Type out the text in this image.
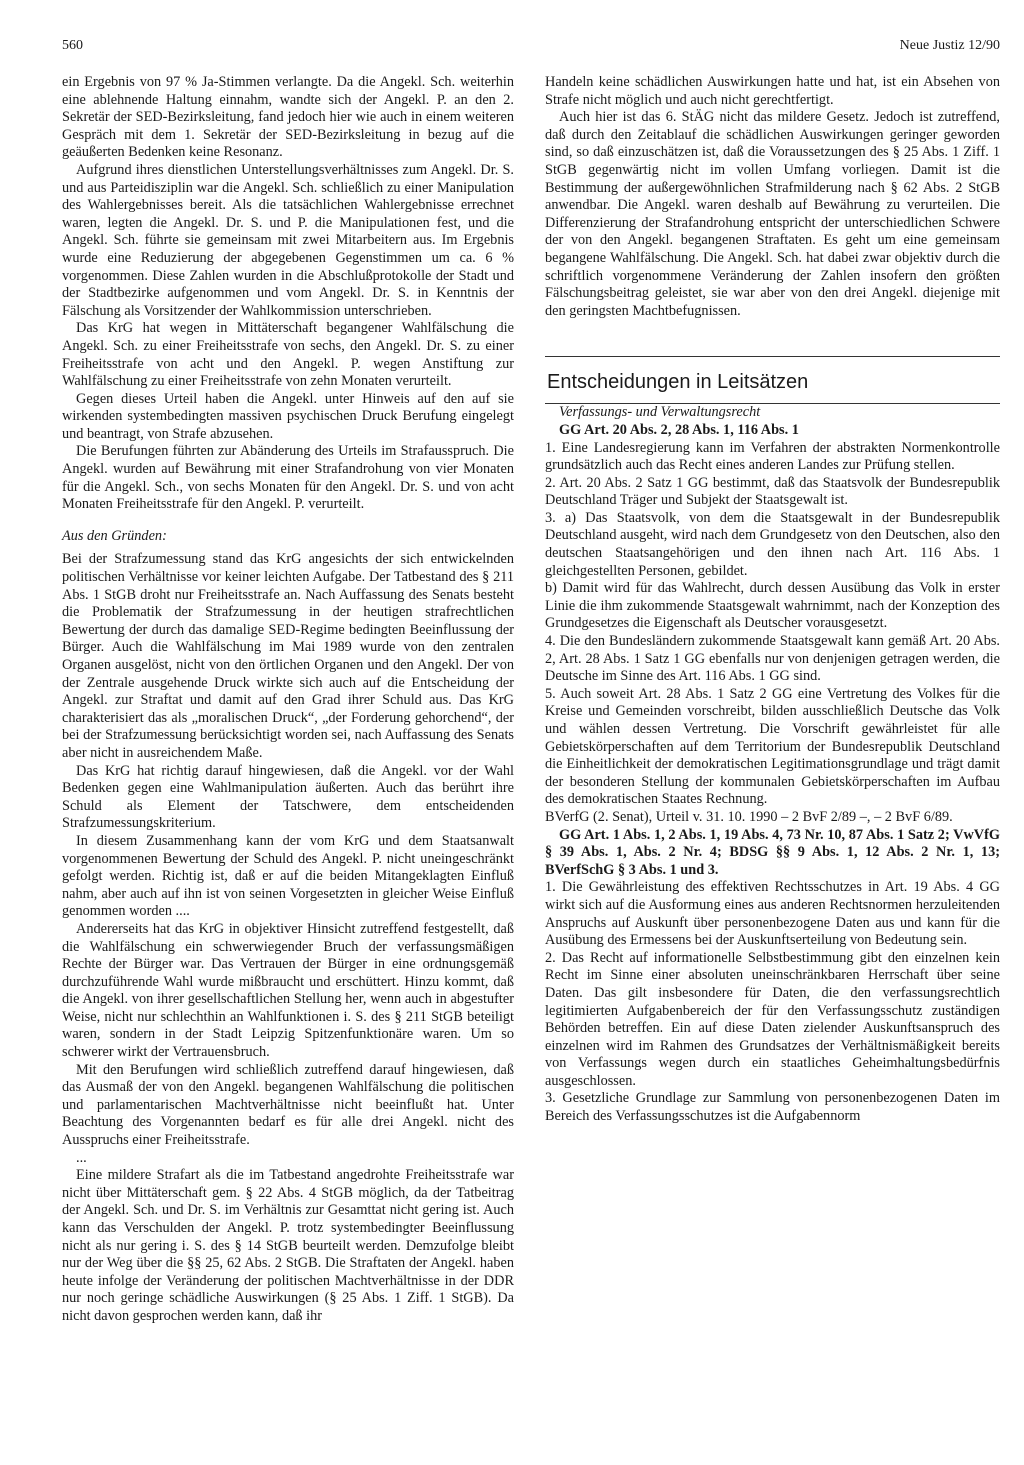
560	Neue Justiz 12/90

ein Ergebnis von 97 % Ja-Stimmen verlangte. Da die Angekl. Sch. weiterhin eine ablehnende Haltung einnahm, wandte sich der Angekl. P. an den 2. Sekretär der SED-Bezirksleitung, fand jedoch hier wie auch in einem weiteren Gespräch mit dem 1. Sekretär der SED-Bezirksleitung in bezug auf die geäußerten Bedenken keine Resonanz.

Aufgrund ihres dienstlichen Unterstellungsverhältnisses zum Angekl. Dr. S. und aus Parteidisziplin war die Angekl. Sch. schließlich zu einer Manipulation des Wahlergebnisses bereit. Als die tatsächlichen Wahlergebnisse errechnet waren, legten die Angekl. Dr. S. und P. die Manipulationen fest, und die Angekl. Sch. führte sie gemeinsam mit zwei Mitarbeitern aus. Im Ergebnis wurde eine Reduzierung der abgegebenen Gegenstimmen um ca. 6 % vorgenommen. Diese Zahlen wurden in die Abschlußprotokolle der Stadt und der Stadtbezirke aufgenommen und vom Angekl. Dr. S. in Kenntnis der Fälschung als Vorsitzender der Wahlkommission unterschrieben.

Das KrG hat wegen in Mittäterschaft begangener Wahlfälschung die Angekl. Sch. zu einer Freiheitsstrafe von sechs, den Angekl. Dr. S. zu einer Freiheitsstrafe von acht und den Angekl. P. wegen Anstiftung zur Wahlfälschung zu einer Freiheitsstrafe von zehn Monaten verurteilt.

Gegen dieses Urteil haben die Angekl. unter Hinweis auf den auf sie wirkenden systembedingten massiven psychischen Druck Berufung eingelegt und beantragt, von Strafe abzusehen.

Die Berufungen führten zur Abänderung des Urteils im Strafausspruch. Die Angekl. wurden auf Bewährung mit einer Strafandrohung von vier Monaten für die Angekl. Sch., von sechs Monaten für den Angekl. Dr. S. und von acht Monaten Freiheitsstrafe für den Angekl. P. verurteilt.

Aus den Gründen:

Bei der Strafzumessung stand das KrG angesichts der sich entwickelnden politischen Verhältnisse vor keiner leichten Aufgabe. Der Tatbestand des § 211 Abs. 1 StGB droht nur Freiheitsstrafe an. Nach Auffassung des Senats besteht die Problematik der Strafzumessung in der heutigen strafrechtlichen Bewertung der durch das damalige SED-Regime bedingten Beeinflussung der Bürger. Auch die Wahlfälschung im Mai 1989 wurde von den zentralen Organen ausgelöst, nicht von den örtlichen Organen und den Angekl. Der von der Zentrale ausgehende Druck wirkte sich auch auf die Entscheidung der Angekl. zur Straftat und damit auf den Grad ihrer Schuld aus. Das KrG charakterisiert das als „moralischen Druck“, „der Forderung gehorchend“, der bei der Strafzumessung berücksichtigt worden sei, nach Auffassung des Senats aber nicht in ausreichendem Maße.

Das KrG hat richtig darauf hingewiesen, daß die Angekl. vor der Wahl Bedenken gegen eine Wahlmanipulation äußerten. Auch das berührt ihre Schuld als Element der Tatschwere, dem entscheidenden Strafzumessungskriterium.

In diesem Zusammenhang kann der vom KrG und dem Staatsanwalt vorgenommenen Bewertung der Schuld des Angekl. P. nicht uneingeschränkt gefolgt werden. Richtig ist, daß er auf die beiden Mitangeklagten Einfluß nahm, aber auch auf ihn ist von seinen Vorgesetzten in gleicher Weise Einfluß genommen worden ....

Andererseits hat das KrG in objektiver Hinsicht zutreffend festgestellt, daß die Wahlfälschung ein schwerwiegender Bruch der verfassungsmäßigen Rechte der Bürger war. Das Vertrauen der Bürger in eine ordnungsgemäß durchzuführende Wahl wurde mißbraucht und erschüttert. Hinzu kommt, daß die Angekl. von ihrer gesellschaftlichen Stellung her, wenn auch in abgestufter Weise, nicht nur schlechthin an Wahlfunktionen i. S. des § 211 StGB beteiligt waren, sondern in der Stadt Leipzig Spitzenfunktionäre waren. Um so schwerer wirkt der Vertrauensbruch.

Mit den Berufungen wird schließlich zutreffend darauf hingewiesen, daß das Ausmaß der von den Angekl. begangenen Wahlfälschung die politischen und parlamentarischen Machtverhältnisse nicht beeinflußt hat. Unter Beachtung des Vorgenannten bedarf es für alle drei Angekl. nicht des Ausspruchs einer Freiheitsstrafe.

...

Eine mildere Strafart als die im Tatbestand angedrohte Freiheitsstrafe war nicht über Mittäterschaft gem. § 22 Abs. 4 StGB möglich, da der Tatbeitrag der Angekl. Sch. und Dr. S. im Verhältnis zur Gesamttat nicht gering ist. Auch kann das Verschulden der Angekl. P. trotz systembedingter Beeinflussung nicht als nur gering i. S. des § 14 StGB beurteilt werden. Demzufolge bleibt nur der Weg über die §§ 25, 62 Abs. 2 StGB. Die Straftaten der Angekl. haben heute infolge der Veränderung der politischen Machtverhältnisse in der DDR nur noch geringe schädliche Auswirkungen (§ 25 Abs. 1 Ziff. 1 StGB). Da nicht davon gesprochen werden kann, daß ihr

Handeln keine schädlichen Auswirkungen hatte und hat, ist ein Absehen von Strafe nicht möglich und auch nicht gerechtfertigt.

Auch hier ist das 6. StÄG nicht das mildere Gesetz. Jedoch ist zutreffend, daß durch den Zeitablauf die schädlichen Auswirkungen geringer geworden sind, so daß einzuschätzen ist, daß die Voraussetzungen des § 25 Abs. 1 Ziff. 1 StGB gegenwärtig nicht im vollen Umfang vorliegen. Damit ist die Bestimmung der außergewöhnlichen Strafmilderung nach § 62 Abs. 2 StGB anwendbar. Die Angekl. waren deshalb auf Bewährung zu verurteilen. Die Differenzierung der Strafandrohung entspricht der unterschiedlichen Schwere der von den Angekl. begangenen Straftaten. Es geht um eine gemeinsam begangene Wahlfälschung. Die Angekl. Sch. hat dabei zwar objektiv durch die schriftlich vorgenommene Veränderung der Zahlen insofern den größten Fälschungsbeitrag geleistet, sie war aber von den drei Angekl. diejenige mit den geringsten Machtbefugnissen.

Entscheidungen in Leitsätzen

Verfassungs- und Verwaltungsrecht

GG Art. 20 Abs. 2, 28 Abs. 1, 116 Abs. 1

1. Eine Landesregierung kann im Verfahren der abstrakten Normenkontrolle grundsätzlich auch das Recht eines anderen Landes zur Prüfung stellen.

2. Art. 20 Abs. 2 Satz 1 GG bestimmt, daß das Staatsvolk der Bundesrepublik Deutschland Träger und Subjekt der Staatsgewalt ist.

3. a) Das Staatsvolk, von dem die Staatsgewalt in der Bundesrepublik Deutschland ausgeht, wird nach dem Grundgesetz von den Deutschen, also den deutschen Staatsangehörigen und den ihnen nach Art. 116 Abs. 1 gleichgestellten Personen, gebildet.

b) Damit wird für das Wahlrecht, durch dessen Ausübung das Volk in erster Linie die ihm zukommende Staatsgewalt wahrnimmt, nach der Konzeption des Grundgesetzes die Eigenschaft als Deutscher vorausgesetzt.

4. Die den Bundesländern zukommende Staatsgewalt kann gemäß Art. 20 Abs. 2, Art. 28 Abs. 1 Satz 1 GG ebenfalls nur von denjenigen getragen werden, die Deutsche im Sinne des Art. 116 Abs. 1 GG sind.

5. Auch soweit Art. 28 Abs. 1 Satz 2 GG eine Vertretung des Volkes für die Kreise und Gemeinden vorschreibt, bilden ausschließlich Deutsche das Volk und wählen dessen Vertretung. Die Vorschrift gewährleistet für alle Gebietskörperschaften auf dem Territorium der Bundesrepublik Deutschland die Einheitlichkeit der demokratischen Legitimationsgrundlage und trägt damit der besonderen Stellung der kommunalen Gebietskörperschaften im Aufbau des demokratischen Staates Rechnung.

BVerfG (2. Senat), Urteil v. 31. 10. 1990 – 2 BvF 2/89 –, – 2 BvF 6/89.

GG Art. 1 Abs. 1, 2 Abs. 1, 19 Abs. 4, 73 Nr. 10, 87 Abs. 1 Satz 2; VwVfG § 39 Abs. 1, Abs. 2 Nr. 4; BDSG §§ 9 Abs. 1, 12 Abs. 2 Nr. 1, 13; BVerfSchG § 3 Abs. 1 und 3.

1. Die Gewährleistung des effektiven Rechtsschutzes in Art. 19 Abs. 4 GG wirkt sich auf die Ausformung eines aus anderen Rechtsnormen herzuleitenden Anspruchs auf Auskunft über personenbezogene Daten aus und kann für die Ausübung des Ermessens bei der Auskunftserteilung von Bedeutung sein.

2. Das Recht auf informationelle Selbstbestimmung gibt den einzelnen kein Recht im Sinne einer absoluten uneinschränkbaren Herrschaft über seine Daten. Das gilt insbesondere für Daten, die den verfassungsrechtlich legitimierten Aufgabenbereich der für den Verfassungsschutz zuständigen Behörden betreffen. Ein auf diese Daten zielender Auskunftsanspruch des einzelnen wird im Rahmen des Grundsatzes der Verhältnismäßigkeit bereits von Verfassungs wegen durch ein staatliches Geheimhaltungsbedürfnis ausgeschlossen.

3. Gesetzliche Grundlage zur Sammlung von personenbezogenen Daten im Bereich des Verfassungsschutzes ist die Aufgabennorm
